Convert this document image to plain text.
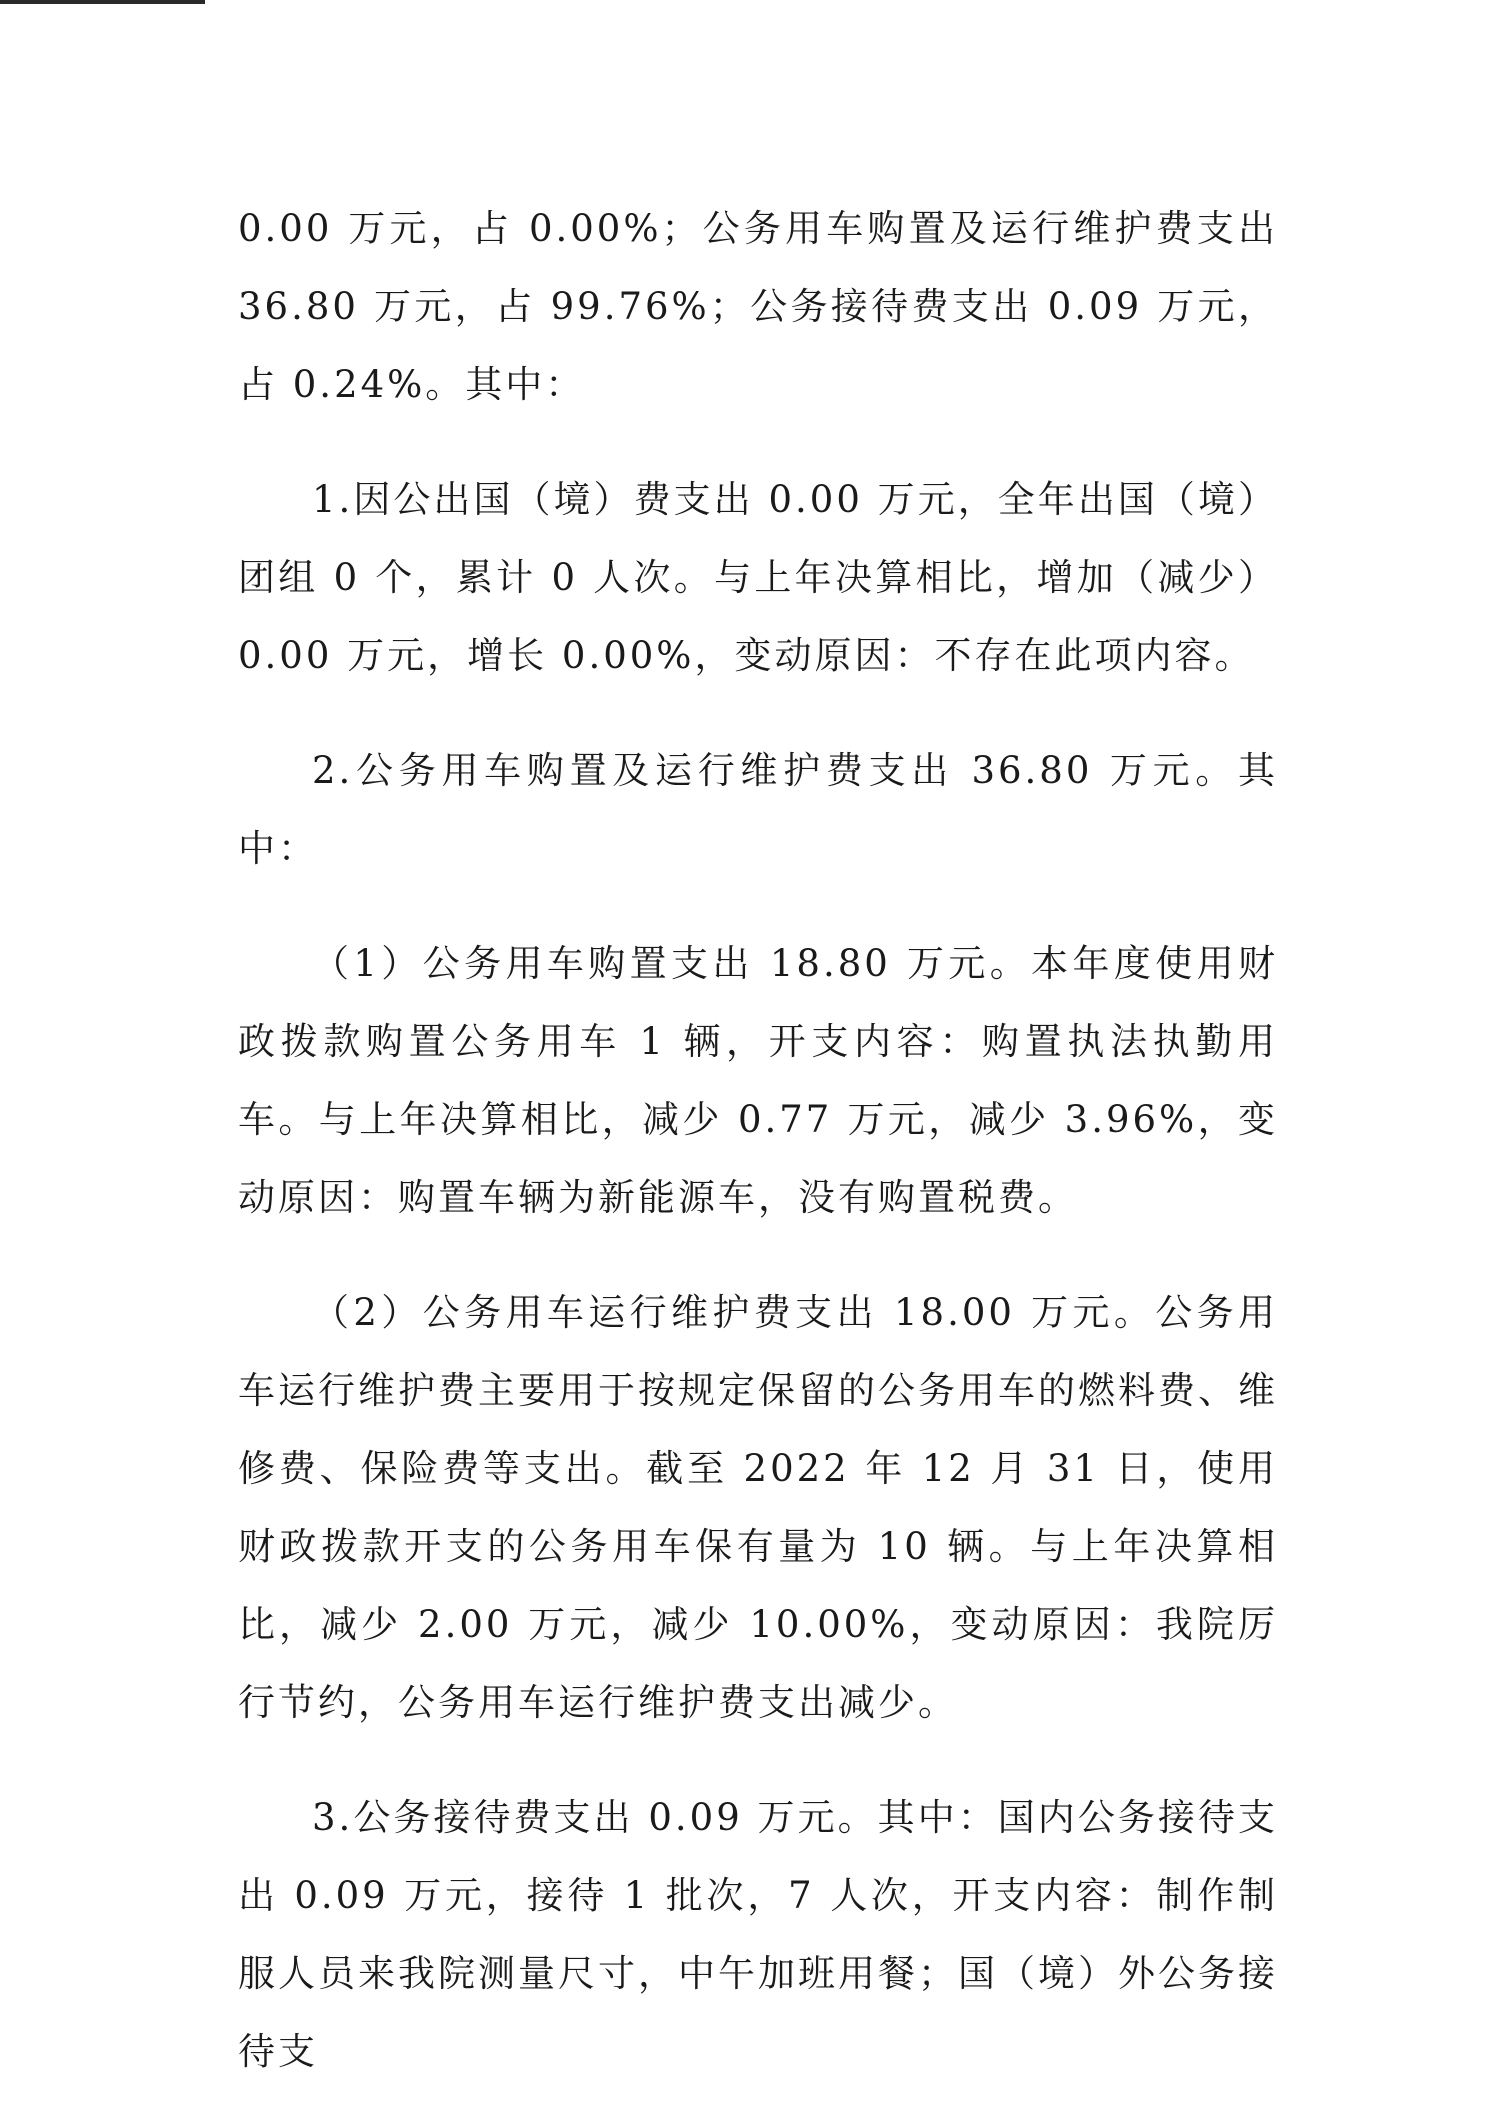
0.00 万元，占 0.00%；公务用车购置及运行维护费支出 36.80 万元，占 99.76%；公务接待费支出 0.09 万元，占 0.24%。其中：

1.因公出国（境）费支出 0.00 万元，全年出国（境）团组 0 个，累计 0 人次。与上年决算相比，增加（减少）0.00 万元，增长 0.00%，变动原因：不存在此项内容。

2.公务用车购置及运行维护费支出 36.80 万元。其中：

（1）公务用车购置支出 18.80 万元。本年度使用财政拨款购置公务用车 1 辆，开支内容：购置执法执勤用车。与上年决算相比，减少 0.77 万元，减少 3.96%，变动原因：购置车辆为新能源车，没有购置税费。

（2）公务用车运行维护费支出 18.00 万元。公务用车运行维护费主要用于按规定保留的公务用车的燃料费、维修费、保险费等支出。截至 2022 年 12 月 31 日，使用财政拨款开支的公务用车保有量为 10 辆。与上年决算相比，减少 2.00 万元，减少 10.00%，变动原因：我院厉行节约，公务用车运行维护费支出减少。

3.公务接待费支出 0.09 万元。其中：国内公务接待支出 0.09 万元，接待 1 批次，7 人次，开支内容：制作制服人员来我院测量尺寸，中午加班用餐；国（境）外公务接待支
